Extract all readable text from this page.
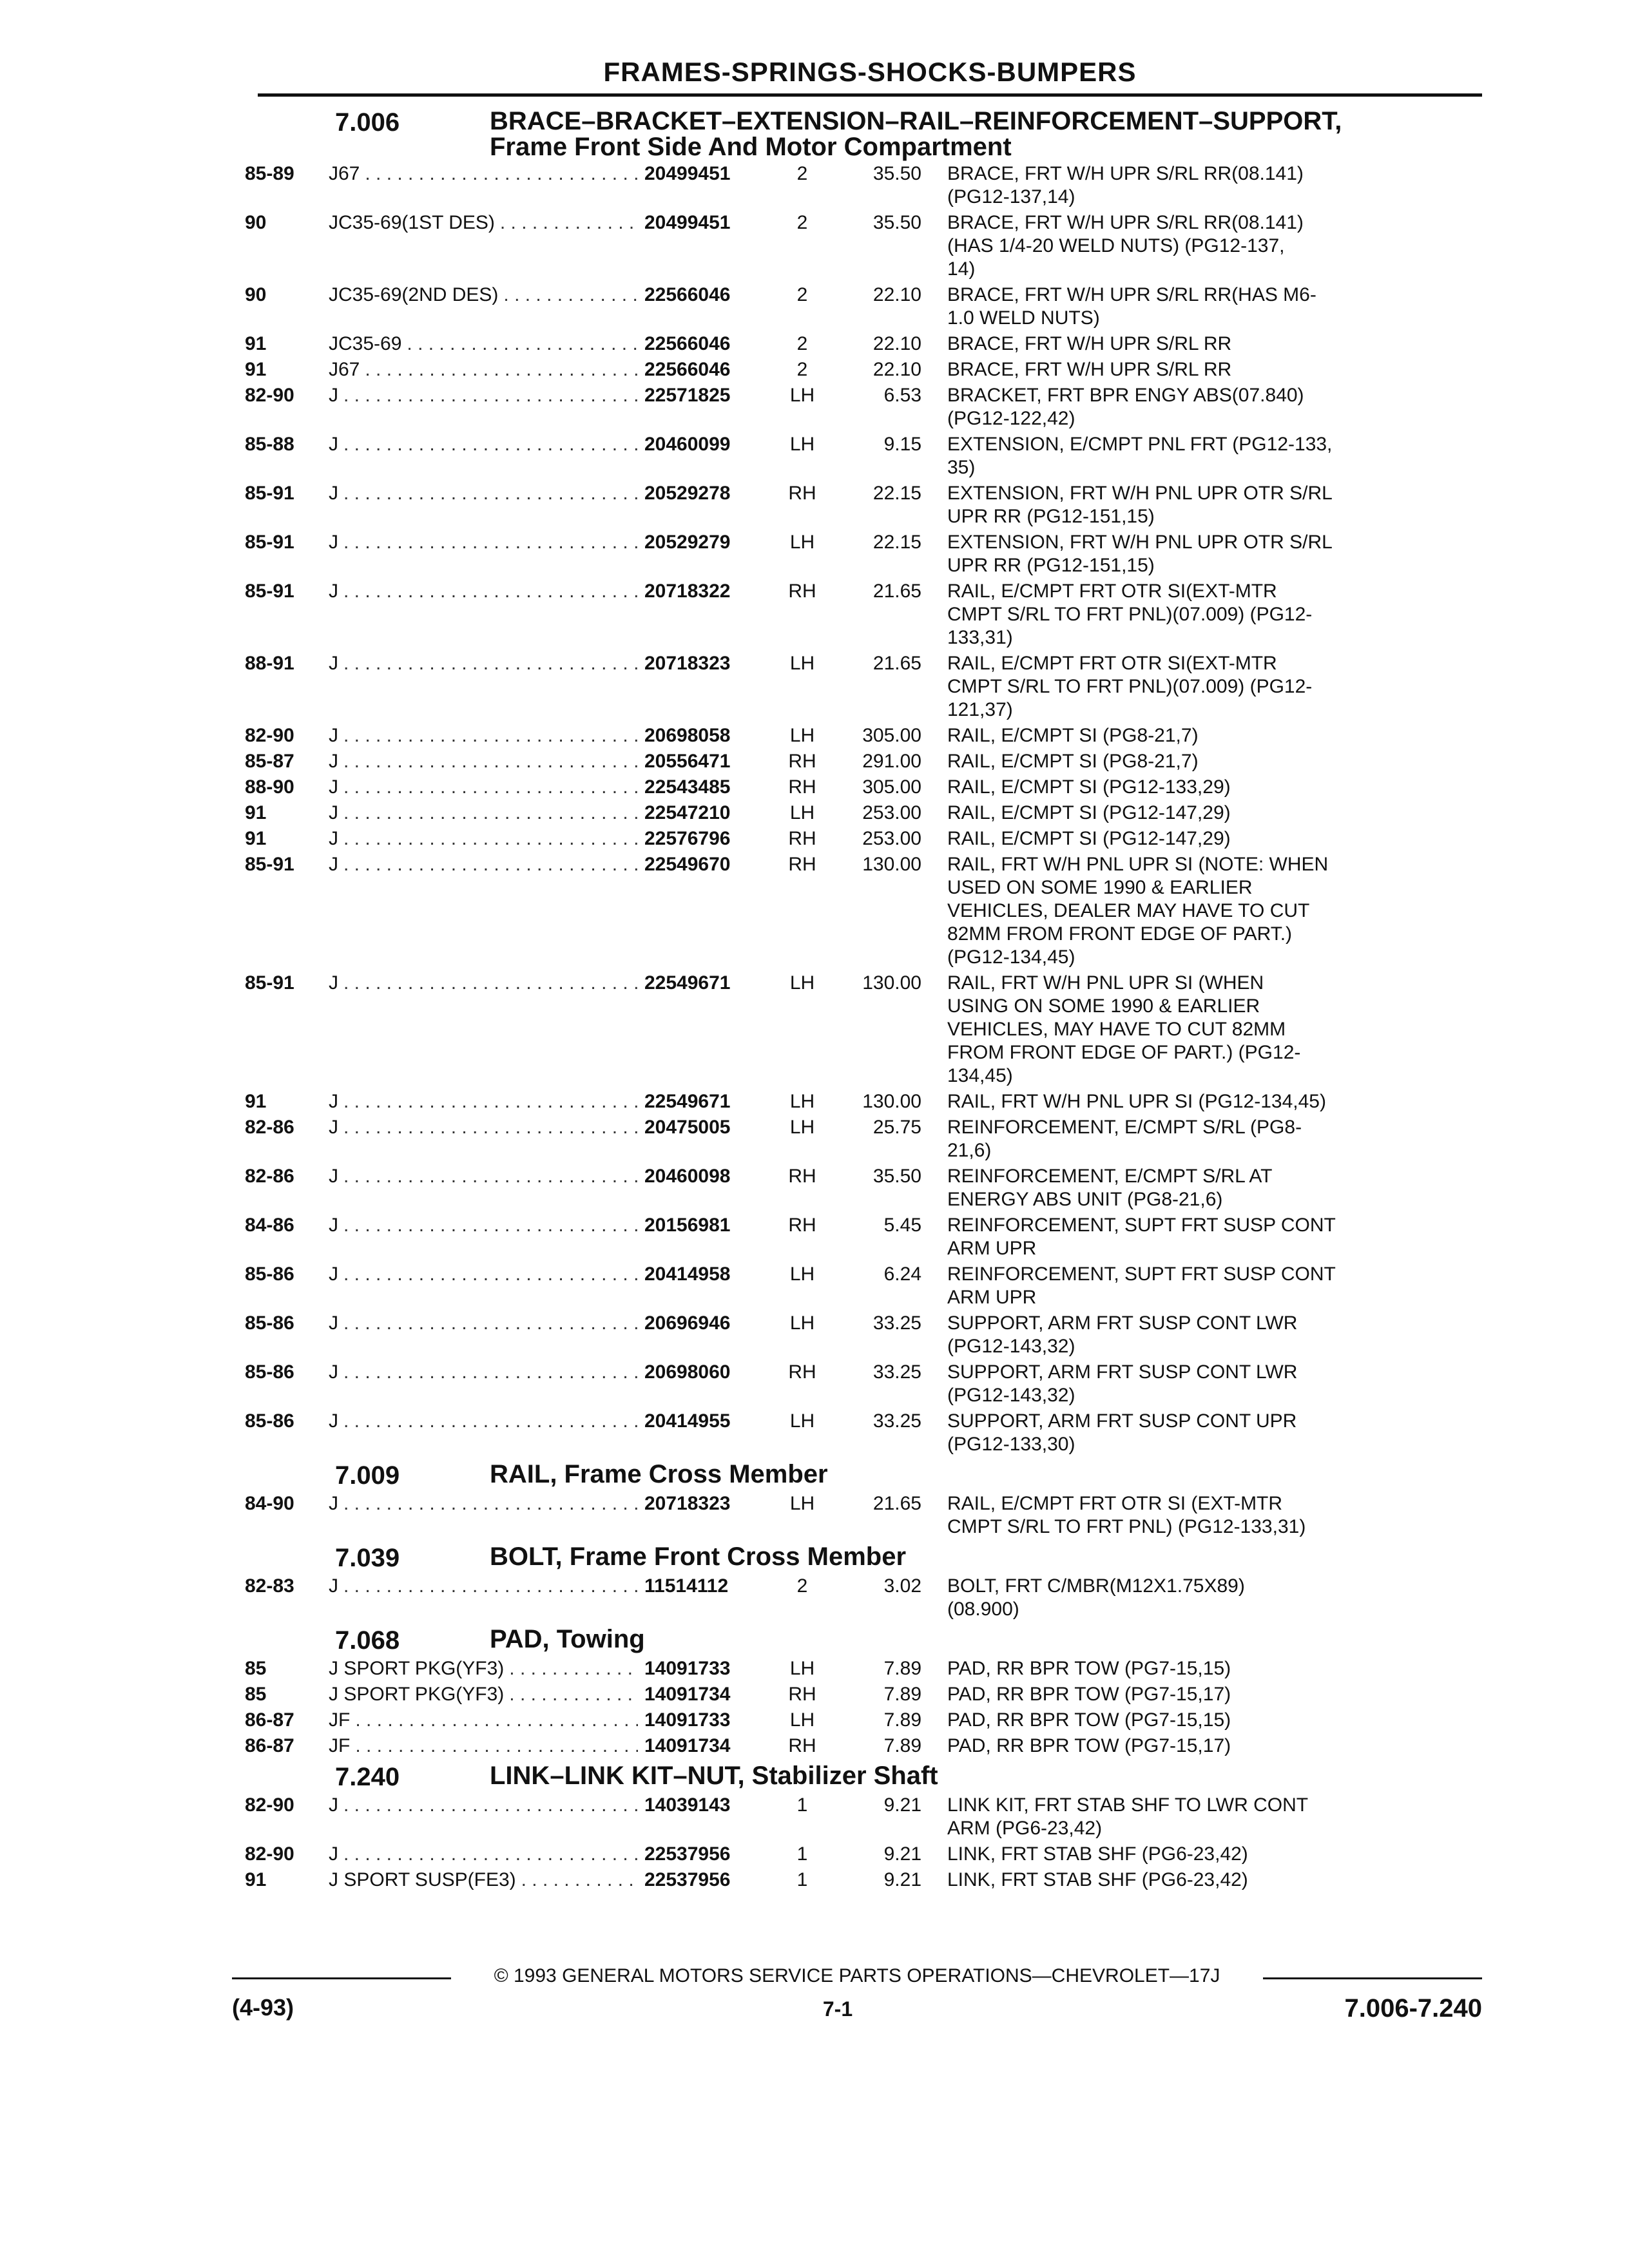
FRAMES-SPRINGS-SHOCKS-BUMPERS
7.006	BRACE–BRACKET–EXTENSION–RAIL–REINFORCEMENT–SUPPORT,
Frame Front Side And Motor Compartment
85-89	J67 . . .	20499451	2	35.50	BRACE, FRT W/H UPR S/RL RR(08.141)
(PG12-137,14)
90	JC35-69(1ST DES) . . .	20499451	2	35.50	BRACE, FRT W/H UPR S/RL RR(08.141)
(HAS 1/4-20 WELD NUTS) (PG12-137,
14)
90	JC35-69(2ND DES) . . .	22566046	2	22.10	BRACE, FRT W/H UPR S/RL RR(HAS M6-
1.0 WELD NUTS)
91	JC35-69 . . .	22566046	2	22.10	BRACE, FRT W/H UPR S/RL RR
91	J67 . . .	22566046	2	22.10	BRACE, FRT W/H UPR S/RL RR
82-90	J . . .	22571825	LH	6.53	BRACKET, FRT BPR ENGY ABS(07.840)
(PG12-122,42)
85-88	J . . .	20460099	LH	9.15	EXTENSION, E/CMPT PNL FRT (PG12-133,
35)
85-91	J . . .	20529278	RH	22.15	EXTENSION, FRT W/H PNL UPR OTR S/RL
UPR RR (PG12-151,15)
85-91	J . . .	20529279	LH	22.15	EXTENSION, FRT W/H PNL UPR OTR S/RL
UPR RR (PG12-151,15)
85-91	J . . .	20718322	RH	21.65	RAIL, E/CMPT FRT OTR SI(EXT-MTR
CMPT S/RL TO FRT PNL)(07.009) (PG12-
133,31)
88-91	J . . .	20718323	LH	21.65	RAIL, E/CMPT FRT OTR SI(EXT-MTR
CMPT S/RL TO FRT PNL)(07.009) (PG12-
121,37)
82-90	J . . .	20698058	LH	305.00	RAIL, E/CMPT SI (PG8-21,7)
85-87	J . . .	20556471	RH	291.00	RAIL, E/CMPT SI (PG8-21,7)
88-90	J . . .	22543485	RH	305.00	RAIL, E/CMPT SI (PG12-133,29)
91	J . . .	22547210	LH	253.00	RAIL, E/CMPT SI (PG12-147,29)
91	J . . .	22576796	RH	253.00	RAIL, E/CMPT SI (PG12-147,29)
85-91	J . . .	22549670	RH	130.00	RAIL, FRT W/H PNL UPR SI (NOTE: WHEN
USED ON SOME 1990 & EARLIER
VEHICLES, DEALER MAY HAVE TO CUT
82MM FROM FRONT EDGE OF PART.)
(PG12-134,45)
85-91	J . . .	22549671	LH	130.00	RAIL, FRT W/H PNL UPR SI (WHEN
USING ON SOME 1990 & EARLIER
VEHICLES, MAY HAVE TO CUT 82MM
FROM FRONT EDGE OF PART.) (PG12-
134,45)
91	J . . .	22549671	LH	130.00	RAIL, FRT W/H PNL UPR SI (PG12-134,45)
82-86	J . . .	20475005	LH	25.75	REINFORCEMENT, E/CMPT S/RL (PG8-
21,6)
82-86	J . . .	20460098	RH	35.50	REINFORCEMENT, E/CMPT S/RL AT
ENERGY ABS UNIT (PG8-21,6)
84-86	J . . .	20156981	RH	5.45	REINFORCEMENT, SUPT FRT SUSP CONT
ARM UPR
85-86	J . . .	20414958	LH	6.24	REINFORCEMENT, SUPT FRT SUSP CONT
ARM UPR
85-86	J . . .	20696946	LH	33.25	SUPPORT, ARM FRT SUSP CONT LWR
(PG12-143,32)
85-86	J . . .	20698060	RH	33.25	SUPPORT, ARM FRT SUSP CONT LWR
(PG12-143,32)
85-86	J . . .	20414955	LH	33.25	SUPPORT, ARM FRT SUSP CONT UPR
(PG12-133,30)
7.009	RAIL, Frame Cross Member
84-90	J . . .	20718323	LH	21.65	RAIL, E/CMPT FRT OTR SI (EXT-MTR
CMPT S/RL TO FRT PNL) (PG12-133,31)
7.039	BOLT, Frame Front Cross Member
82-83	J . . .	11514112	2	3.02	BOLT, FRT C/MBR(M12X1.75X89)
(08.900)
7.068	PAD, Towing
85	J SPORT PKG(YF3) . . .	14091733	LH	7.89	PAD, RR BPR TOW (PG7-15,15)
85	J SPORT PKG(YF3) . . .	14091734	RH	7.89	PAD, RR BPR TOW (PG7-15,17)
86-87	JF . . .	14091733	LH	7.89	PAD, RR BPR TOW (PG7-15,15)
86-87	JF . . .	14091734	RH	7.89	PAD, RR BPR TOW (PG7-15,17)
7.240	LINK–LINK KIT–NUT, Stabilizer Shaft
82-90	J . . .	14039143	1	9.21	LINK KIT, FRT STAB SHF TO LWR CONT
ARM (PG6-23,42)
82-90	J . . .	22537956	1	9.21	LINK, FRT STAB SHF (PG6-23,42)
91	J SPORT SUSP(FE3) . . .	22537956	1	9.21	LINK, FRT STAB SHF (PG6-23,42)
© 1993 GENERAL MOTORS SERVICE PARTS OPERATIONS—CHEVROLET—17J
(4-93)	7-1	7.006-7.240
